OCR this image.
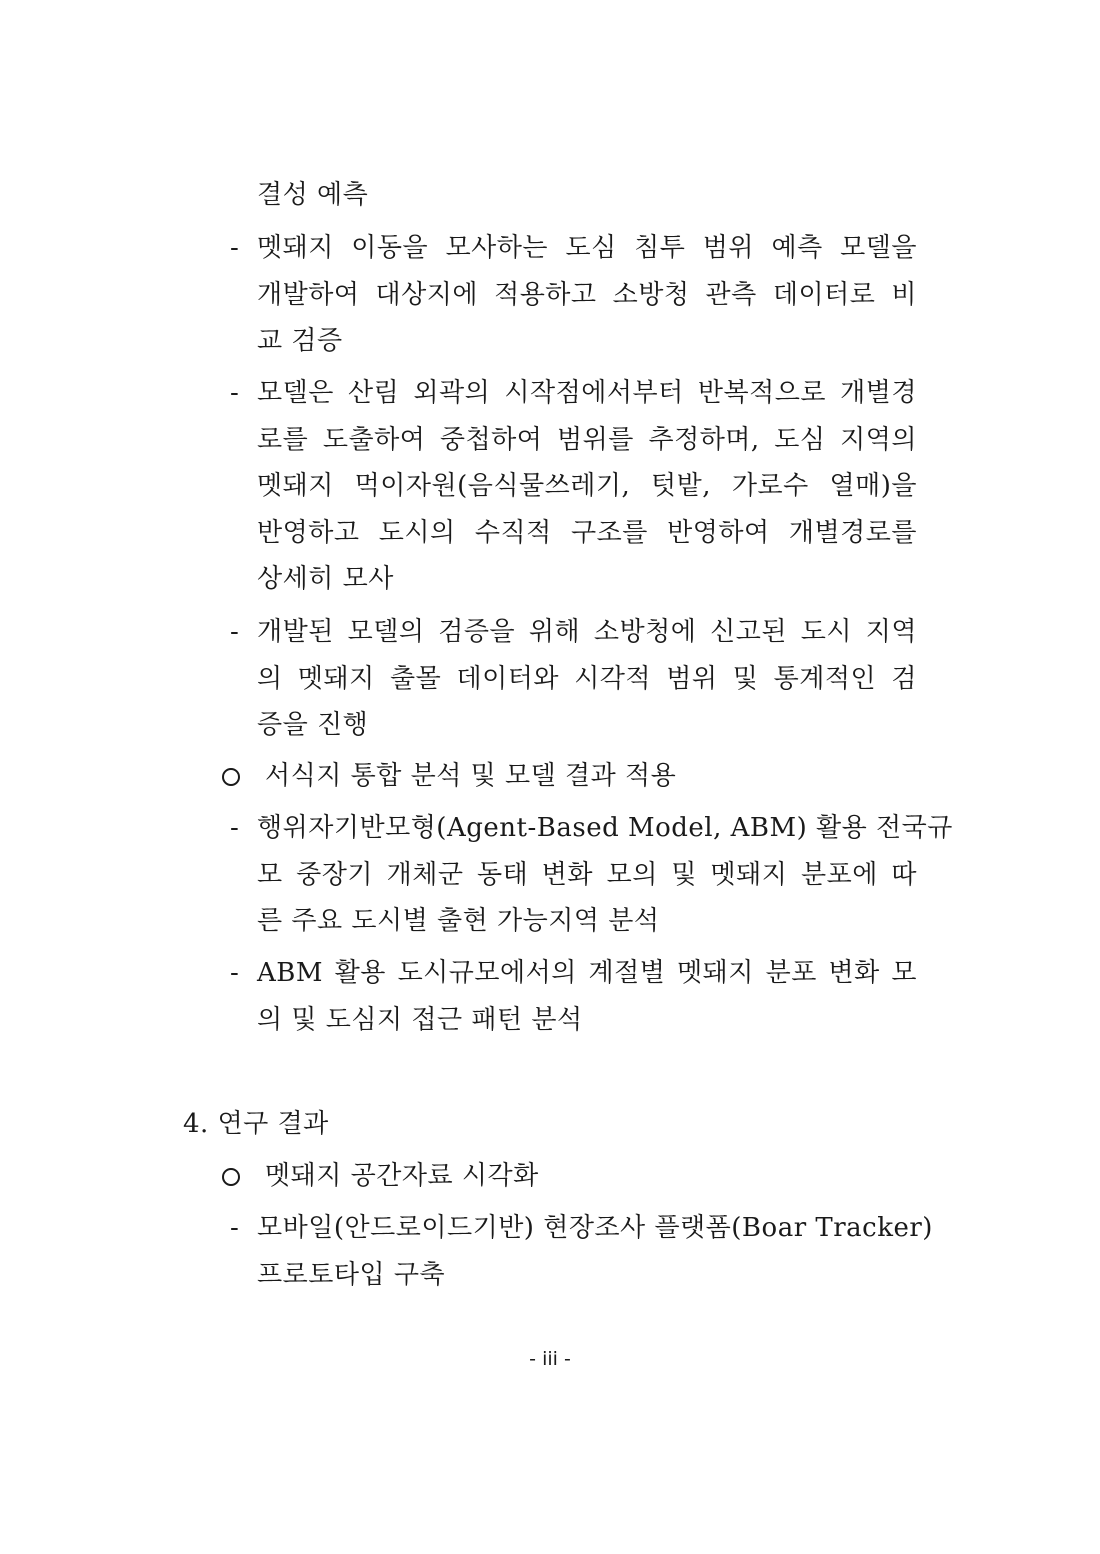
결성 예측
- 멧돼지 이동을 모사하는 도심 침투 범위 예측 모델을
개발하여 대상지에 적용하고 소방청 관측 데이터로 비
교 검증
- 모델은 산림 외곽의 시작점에서부터 반복적으로 개별경
로를 도출하여 중첩하여 범위를 추정하며, 도심 지역의
멧돼지 먹이자원(음식물쓰레기, 텃밭, 가로수 열매)을
반영하고 도시의 수직적 구조를 반영하여 개별경로를
상세히 모사
- 개발된 모델의 검증을 위해 소방청에 신고된 도시 지역
의 멧돼지 출몰 데이터와 시각적 범위 및 통계적인 검
증을 진행
서식지 통합 분석 및 모델 결과 적용
- 행위자기반모형(Agent-Based Model, ABM) 활용 전국규
모 중장기 개체군 동태 변화 모의 및 멧돼지 분포에 따
른 주요 도시별 출현 가능지역 분석
- ABM 활용 도시규모에서의 계절별 멧돼지 분포 변화 모
의 및 도심지 접근 패턴 분석
4. 연구 결과
멧돼지 공간자료 시각화
- 모바일(안드로이드기반) 현장조사 플랫폼(Boar Tracker)
프로토타입 구축
- iii -
